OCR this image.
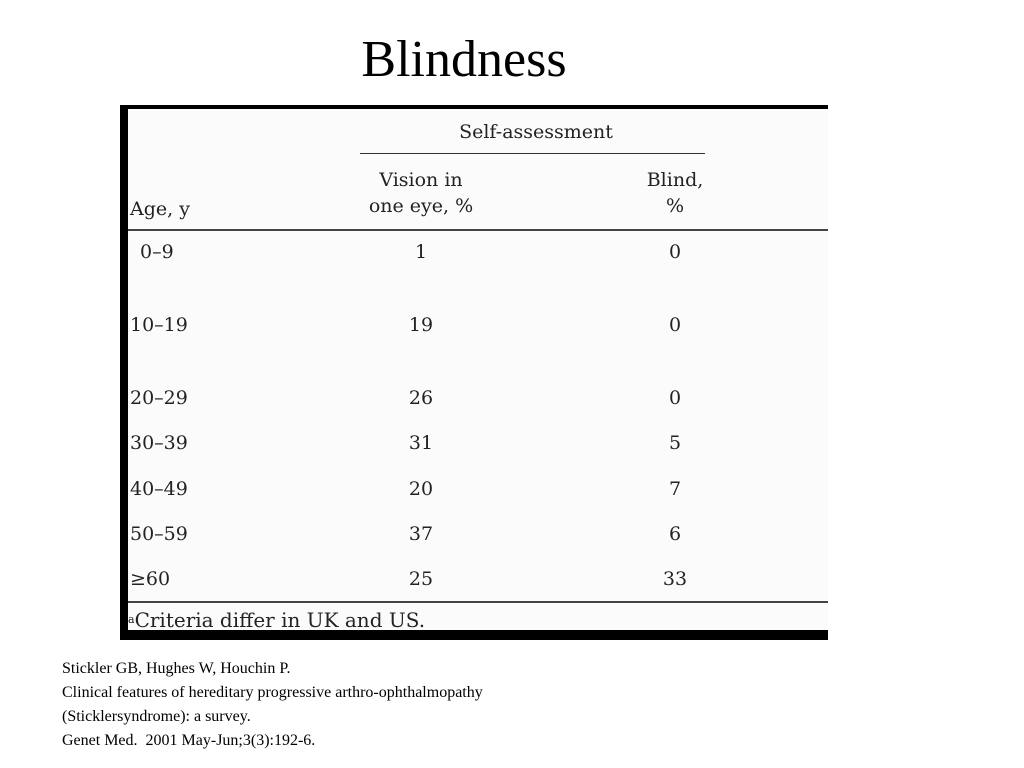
Blindness
Self-assessment
Age, y
Vision in
one eye, %
Blind,
%
0–9	1	0
10–19	19	0
20–29	26	0
30–39	31	5
40–49	20	7
50–59	37	6
≥60	25	33
$^a$Criteria differ in UK and US.
Stickler GB, Hughes W, Houchin P.
Clinical features of hereditary progressive arthro-ophthalmopathy
(Sticklersyndrome): a survey.
Genet Med.  2001 May-Jun;3(3):192-6.
